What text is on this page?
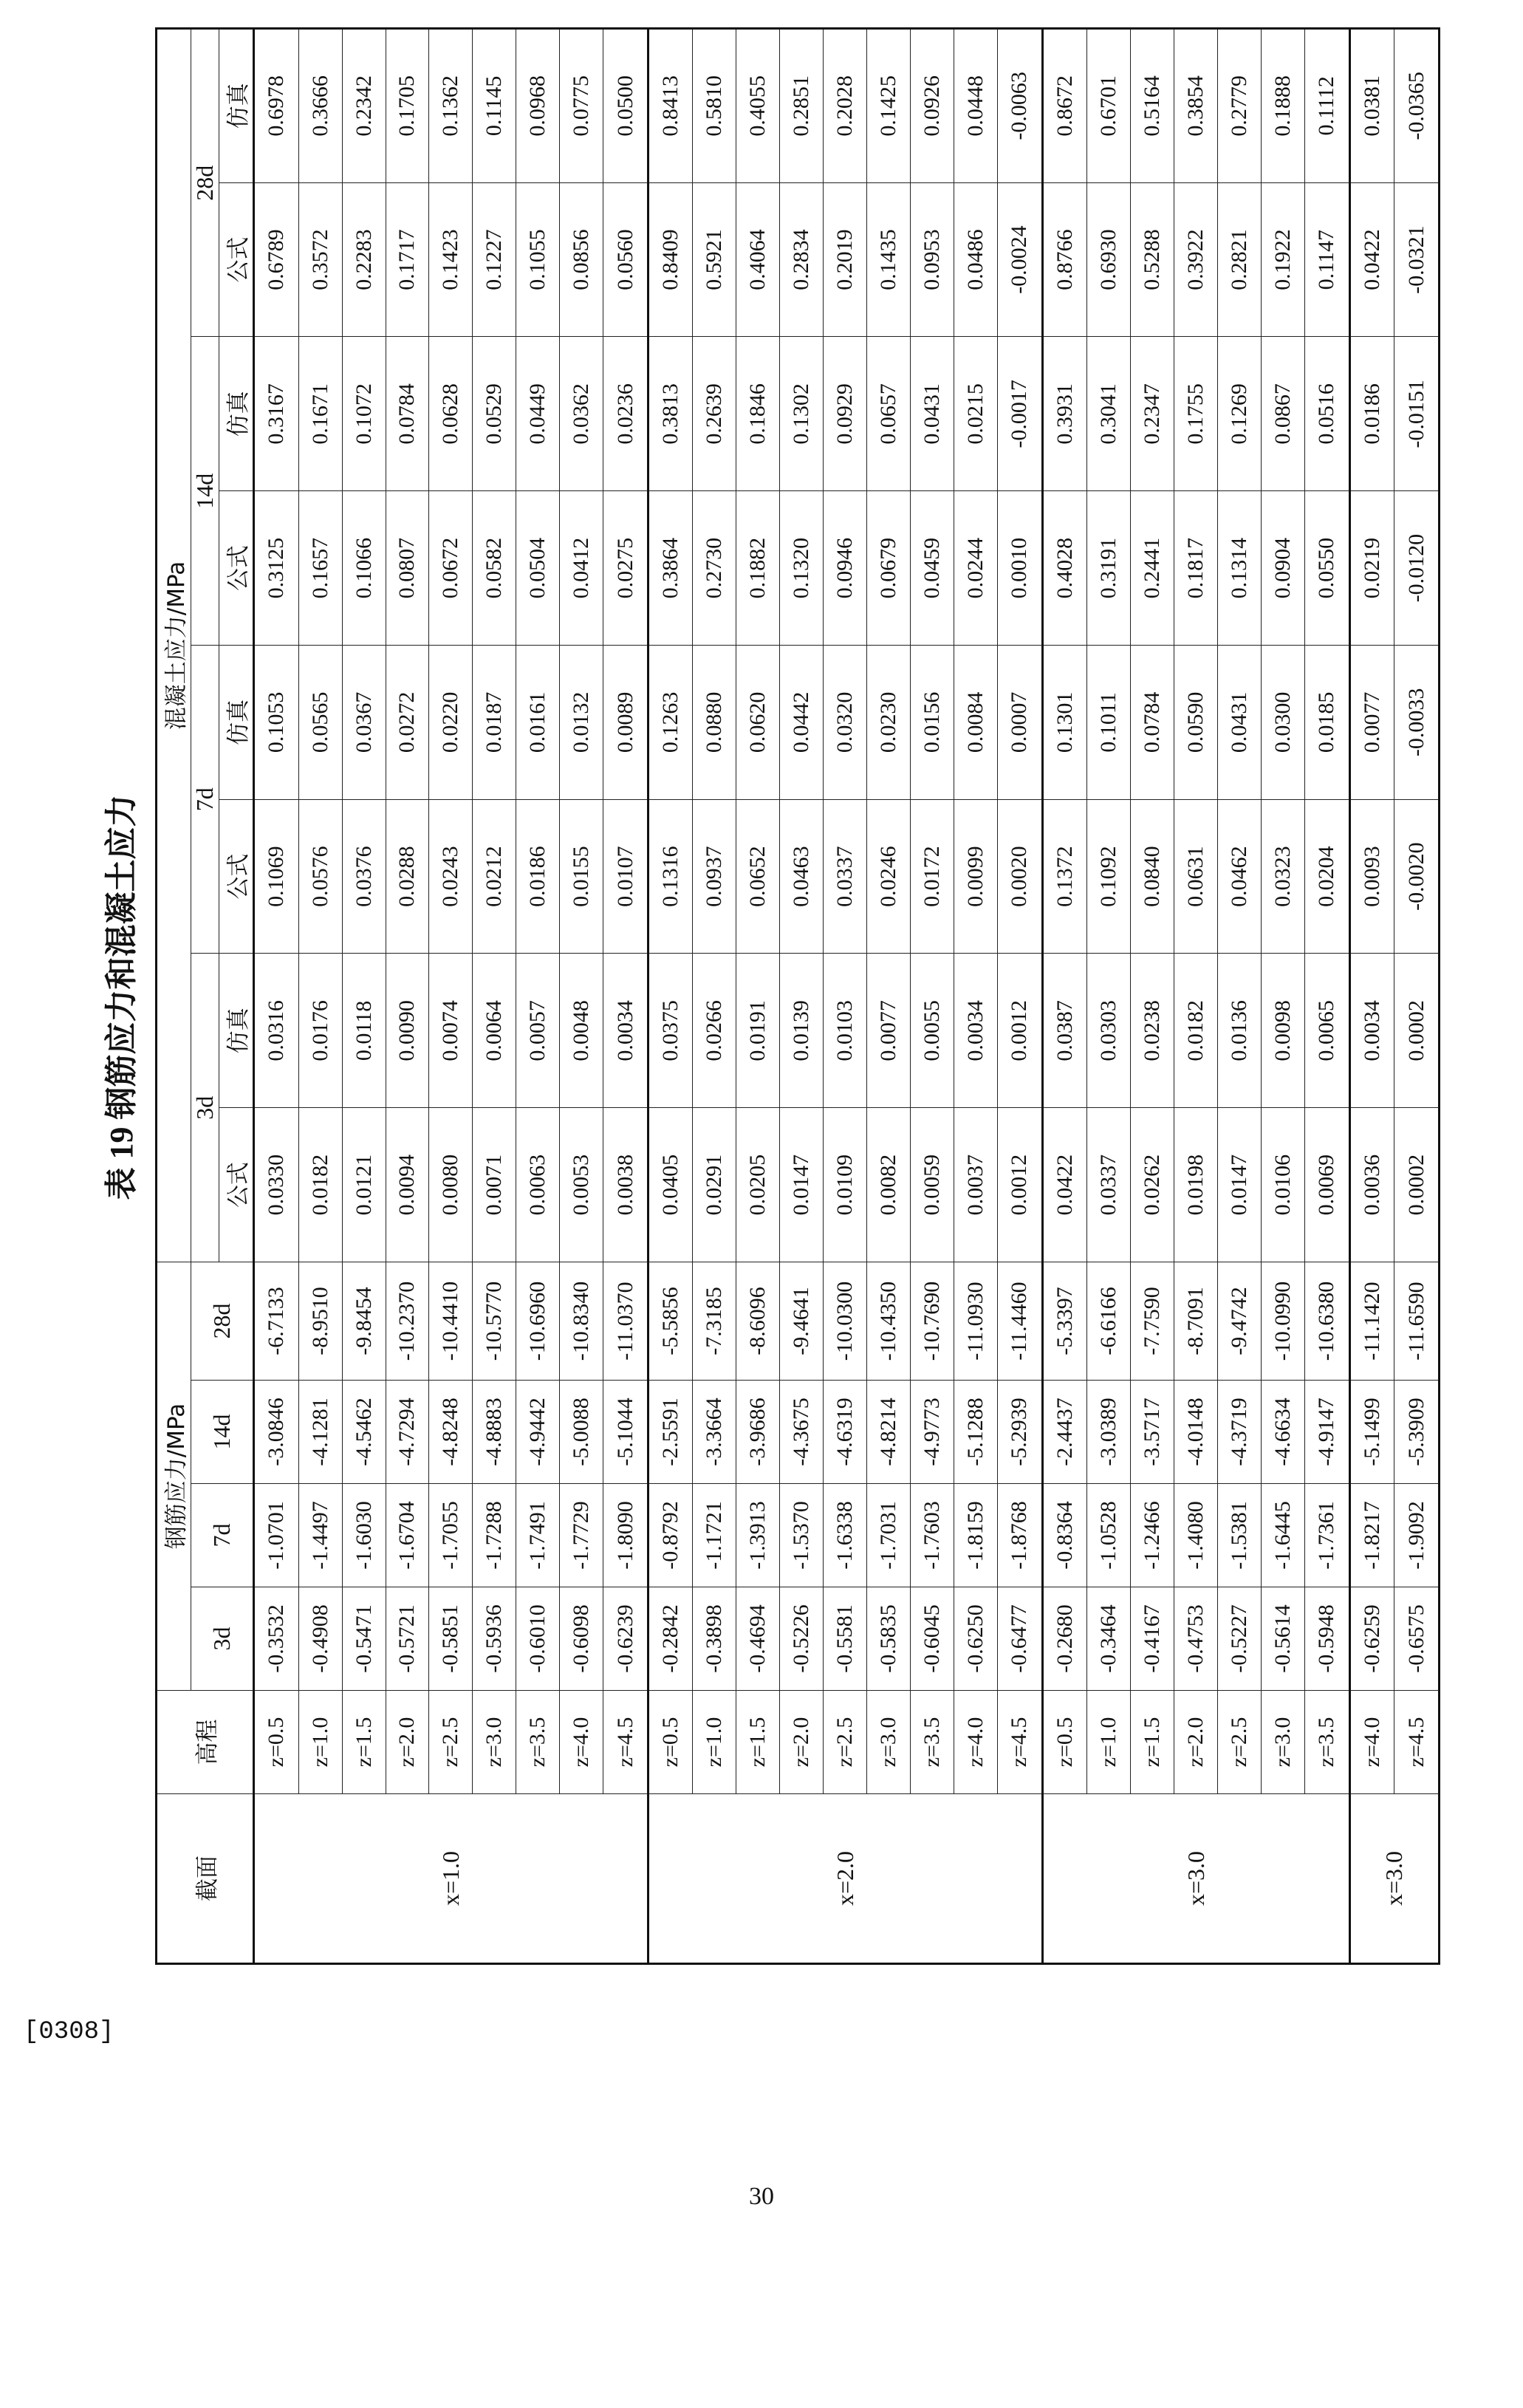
表 19钢筋应力和混凝土应力
截面	高程	钢筋应力/MPa				混凝土应力/MPa							
		3d	7d	14d	28d	3d		7d		14d		28d	
						公式	仿真	公式	仿真	公式	仿真	公式	仿真
x=1.0	z=0.5	-0.3532	-1.0701	-3.0846	-6.7133	0.0330	0.0316	0.1069	0.1053	0.3125	0.3167	0.6789	0.6978
	z=1.0	-0.4908	-1.4497	-4.1281	-8.9510	0.0182	0.0176	0.0576	0.0565	0.1657	0.1671	0.3572	0.3666
	z=1.5	-0.5471	-1.6030	-4.5462	-9.8454	0.0121	0.0118	0.0376	0.0367	0.1066	0.1072	0.2283	0.2342
	z=2.0	-0.5721	-1.6704	-4.7294	-10.2370	0.0094	0.0090	0.0288	0.0272	0.0807	0.0784	0.1717	0.1705
	z=2.5	-0.5851	-1.7055	-4.8248	-10.4410	0.0080	0.0074	0.0243	0.0220	0.0672	0.0628	0.1423	0.1362
	z=3.0	-0.5936	-1.7288	-4.8883	-10.5770	0.0071	0.0064	0.0212	0.0187	0.0582	0.0529	0.1227	0.1145
	z=3.5	-0.6010	-1.7491	-4.9442	-10.6960	0.0063	0.0057	0.0186	0.0161	0.0504	0.0449	0.1055	0.0968
	z=4.0	-0.6098	-1.7729	-5.0088	-10.8340	0.0053	0.0048	0.0155	0.0132	0.0412	0.0362	0.0856	0.0775
	z=4.5	-0.6239	-1.8090	-5.1044	-11.0370	0.0038	0.0034	0.0107	0.0089	0.0275	0.0236	0.0560	0.0500
x=2.0	z=0.5	-0.2842	-0.8792	-2.5591	-5.5856	0.0405	0.0375	0.1316	0.1263	0.3864	0.3813	0.8409	0.8413
	z=1.0	-0.3898	-1.1721	-3.3664	-7.3185	0.0291	0.0266	0.0937	0.0880	0.2730	0.2639	0.5921	0.5810
	z=1.5	-0.4694	-1.3913	-3.9686	-8.6096	0.0205	0.0191	0.0652	0.0620	0.1882	0.1846	0.4064	0.4055
	z=2.0	-0.5226	-1.5370	-4.3675	-9.4641	0.0147	0.0139	0.0463	0.0442	0.1320	0.1302	0.2834	0.2851
	z=2.5	-0.5581	-1.6338	-4.6319	-10.0300	0.0109	0.0103	0.0337	0.0320	0.0946	0.0929	0.2019	0.2028
	z=3.0	-0.5835	-1.7031	-4.8214	-10.4350	0.0082	0.0077	0.0246	0.0230	0.0679	0.0657	0.1435	0.1425
	z=3.5	-0.6045	-1.7603	-4.9773	-10.7690	0.0059	0.0055	0.0172	0.0156	0.0459	0.0431	0.0953	0.0926
	z=4.0	-0.6250	-1.8159	-5.1288	-11.0930	0.0037	0.0034	0.0099	0.0084	0.0244	0.0215	0.0486	0.0448
	z=4.5	-0.6477	-1.8768	-5.2939	-11.4460	0.0012	0.0012	0.0020	0.0007	0.0010	-0.0017	-0.0024	-0.0063
x=3.0	z=0.5	-0.2680	-0.8364	-2.4437	-5.3397	0.0422	0.0387	0.1372	0.1301	0.4028	0.3931	0.8766	0.8672
	z=1.0	-0.3464	-1.0528	-3.0389	-6.6166	0.0337	0.0303	0.1092	0.1011	0.3191	0.3041	0.6930	0.6701
	z=1.5	-0.4167	-1.2466	-3.5717	-7.7590	0.0262	0.0238	0.0840	0.0784	0.2441	0.2347	0.5288	0.5164
	z=2.0	-0.4753	-1.4080	-4.0148	-8.7091	0.0198	0.0182	0.0631	0.0590	0.1817	0.1755	0.3922	0.3854
	z=2.5	-0.5227	-1.5381	-4.3719	-9.4742	0.0147	0.0136	0.0462	0.0431	0.1314	0.1269	0.2821	0.2779
	z=3.0	-0.5614	-1.6445	-4.6634	-10.0990	0.0106	0.0098	0.0323	0.0300	0.0904	0.0867	0.1922	0.1888
	z=3.5	-0.5948	-1.7361	-4.9147	-10.6380	0.0069	0.0065	0.0204	0.0185	0.0550	0.0516	0.1147	0.1112
x=3.0	z=4.0	-0.6259	-1.8217	-5.1499	-11.1420	0.0036	0.0034	0.0093	0.0077	0.0219	0.0186	0.0422	0.0381
	z=4.5	-0.6575	-1.9092	-5.3909	-11.6590	0.0002	0.0002	-0.0020	-0.0033	-0.0120	-0.0151	-0.0321	-0.0365
[0308]
30
